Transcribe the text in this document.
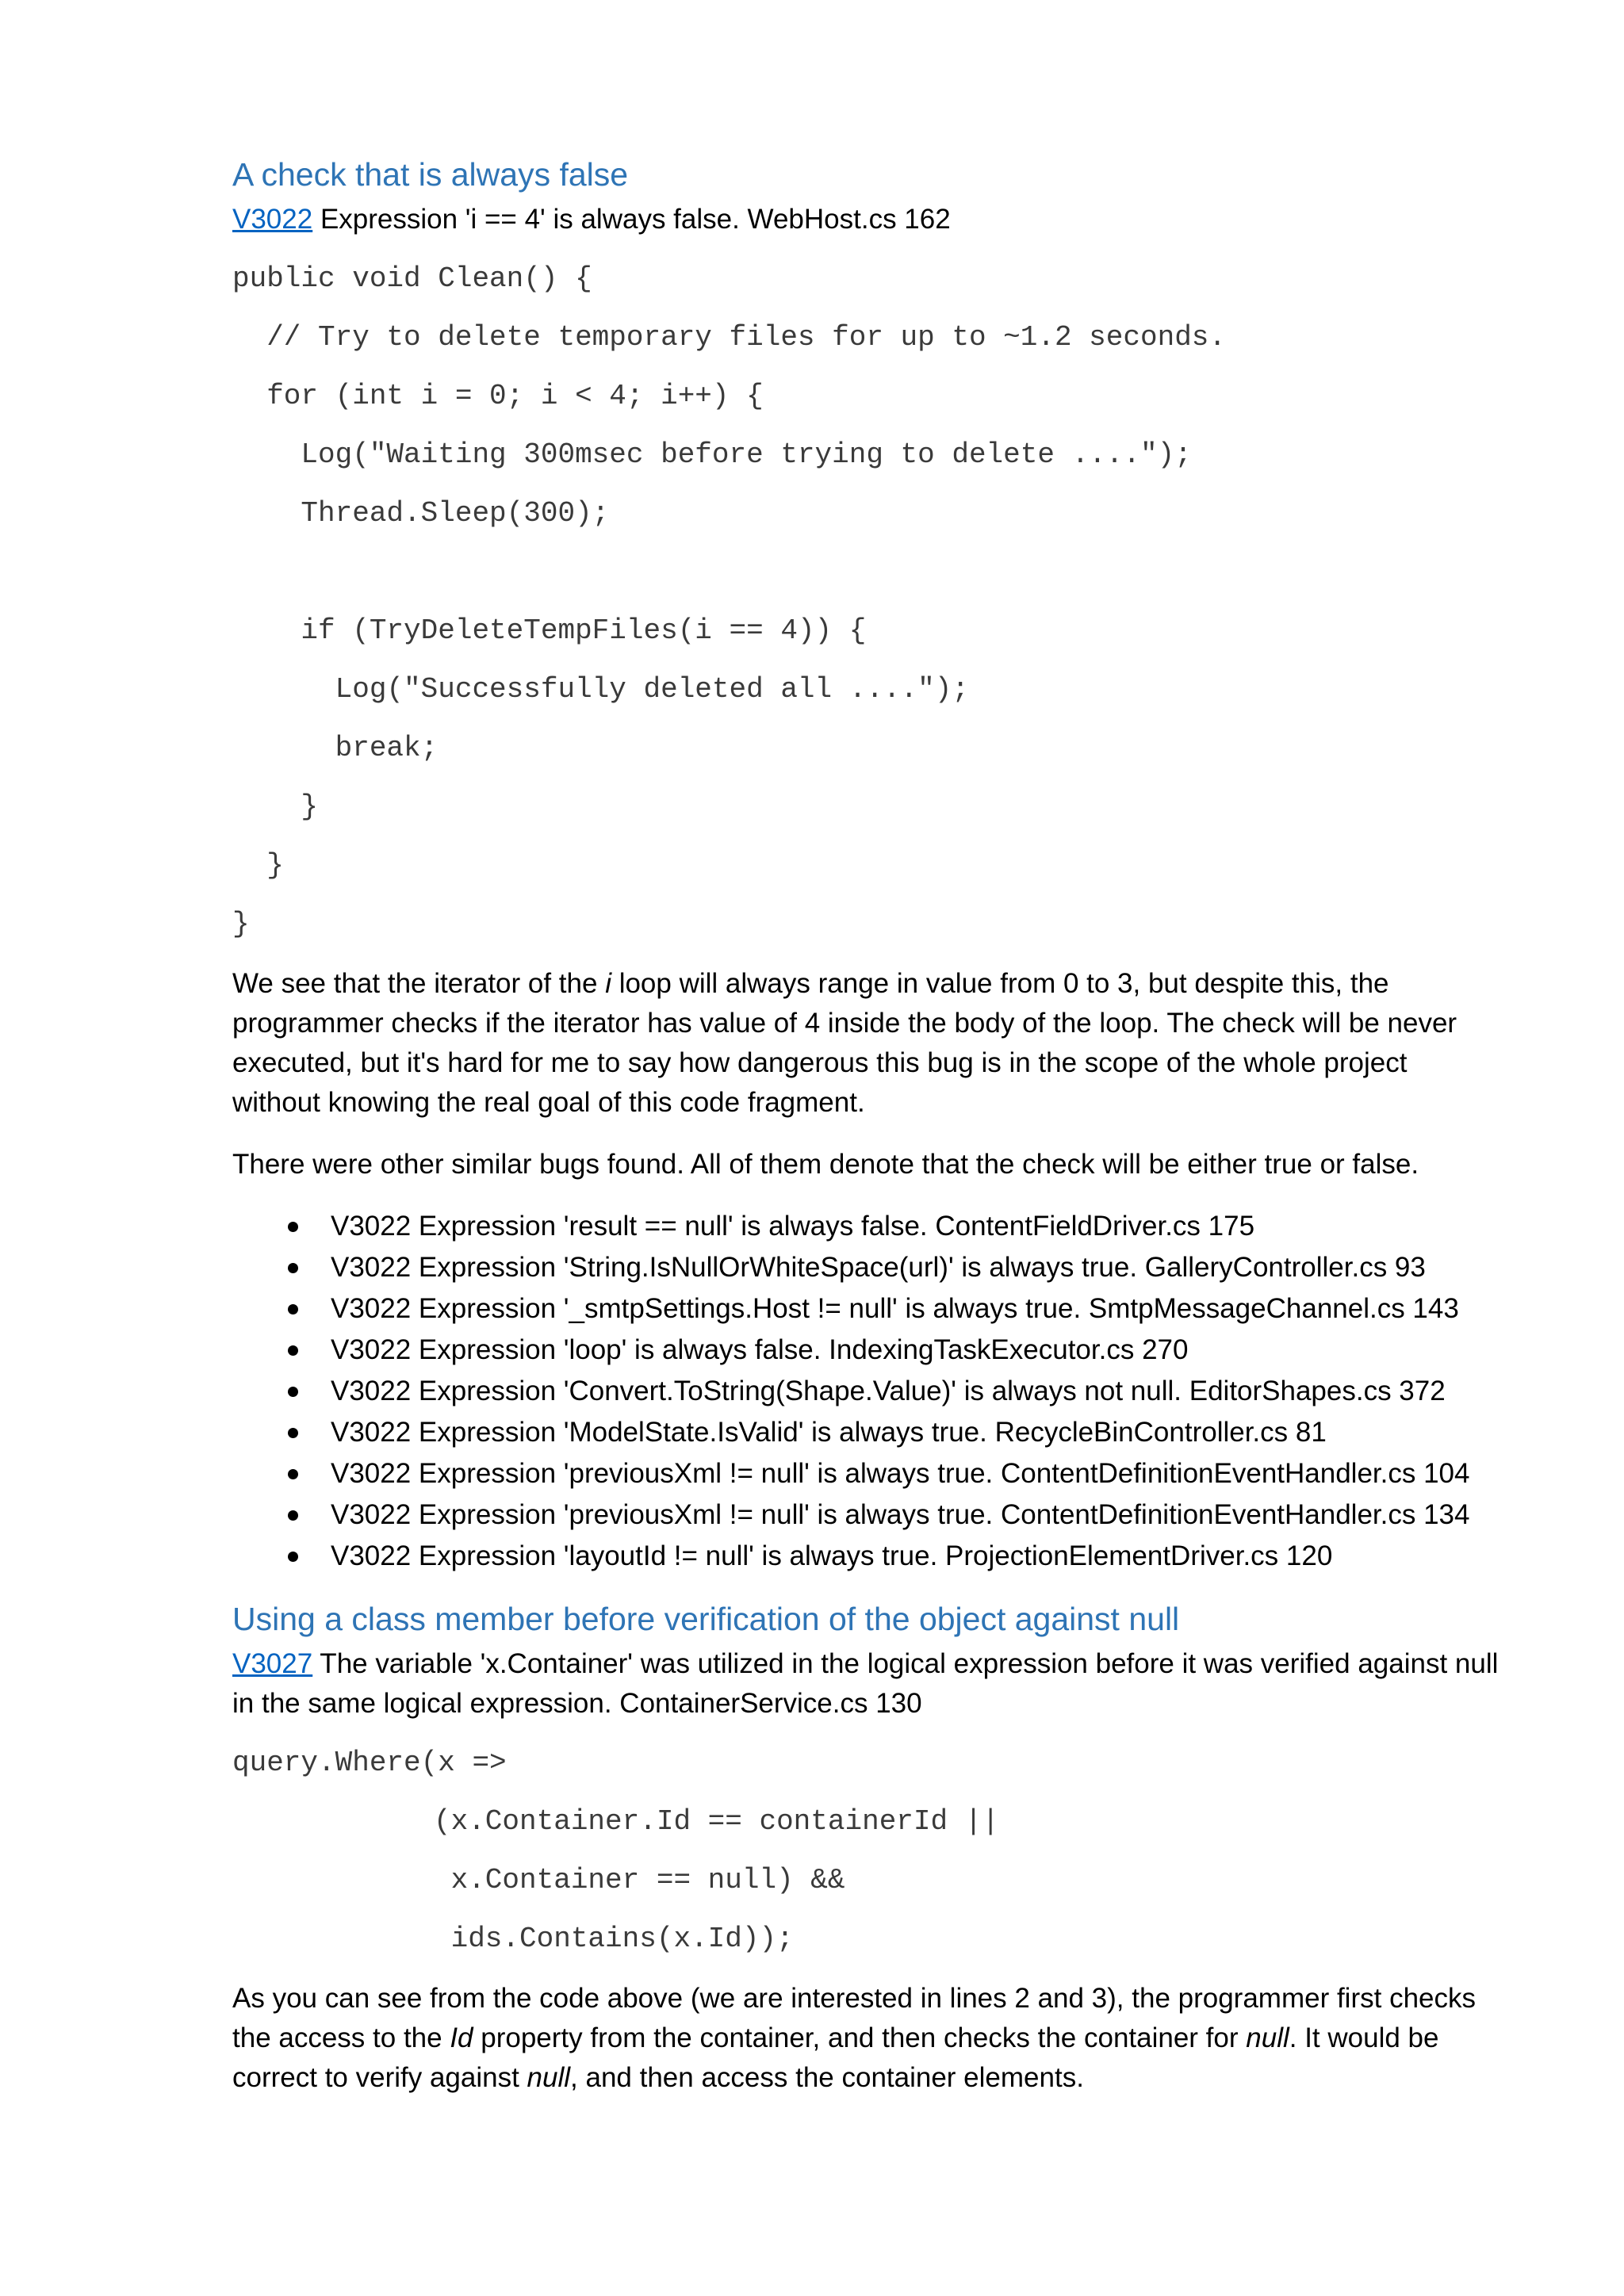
A check that is always false

V3022 Expression 'i == 4' is always false. WebHost.cs 162

public void Clean() {
// Try to delete temporary files for up to ~1.2 seconds.
for (int i = 0; i < 4; i++) {
Log("Waiting 300msec before trying to delete ....");
Thread.Sleep(300);
if (TryDeleteTempFiles(i == 4)) {
Log("Successfully deleted all ....");
break;
}
}
}

We see that the iterator of the i loop will always range in value from 0 to 3, but despite this, the programmer checks if the iterator has value of 4 inside the body of the loop. The check will be never executed, but it's hard for me to say how dangerous this bug is in the scope of the whole project without knowing the real goal of this code fragment.

There were other similar bugs found. All of them denote that the check will be either true or false.

V3022 Expression 'result == null' is always false. ContentFieldDriver.cs 175
V3022 Expression 'String.IsNullOrWhiteSpace(url)' is always true. GalleryController.cs 93
V3022 Expression '_smtpSettings.Host != null' is always true. SmtpMessageChannel.cs 143
V3022 Expression 'loop' is always false. IndexingTaskExecutor.cs 270
V3022 Expression 'Convert.ToString(Shape.Value)' is always not null. EditorShapes.cs 372
V3022 Expression 'ModelState.IsValid' is always true. RecycleBinController.cs 81
V3022 Expression 'previousXml != null' is always true. ContentDefinitionEventHandler.cs 104
V3022 Expression 'previousXml != null' is always true. ContentDefinitionEventHandler.cs 134
V3022 Expression 'layoutId != null' is always true. ProjectionElementDriver.cs 120
Using a class member before verification of the object against null

V3027 The variable 'x.Container' was utilized in the logical expression before it was verified against null in the same logical expression. ContainerService.cs 130

query.Where(x =>
(x.Container.Id == containerId ||
x.Container == null) &&
ids.Contains(x.Id));

As you can see from the code above (we are interested in lines 2 and 3), the programmer first checks the access to the Id property from the container, and then checks the container for null. It would be correct to verify against null, and then access the container elements.
